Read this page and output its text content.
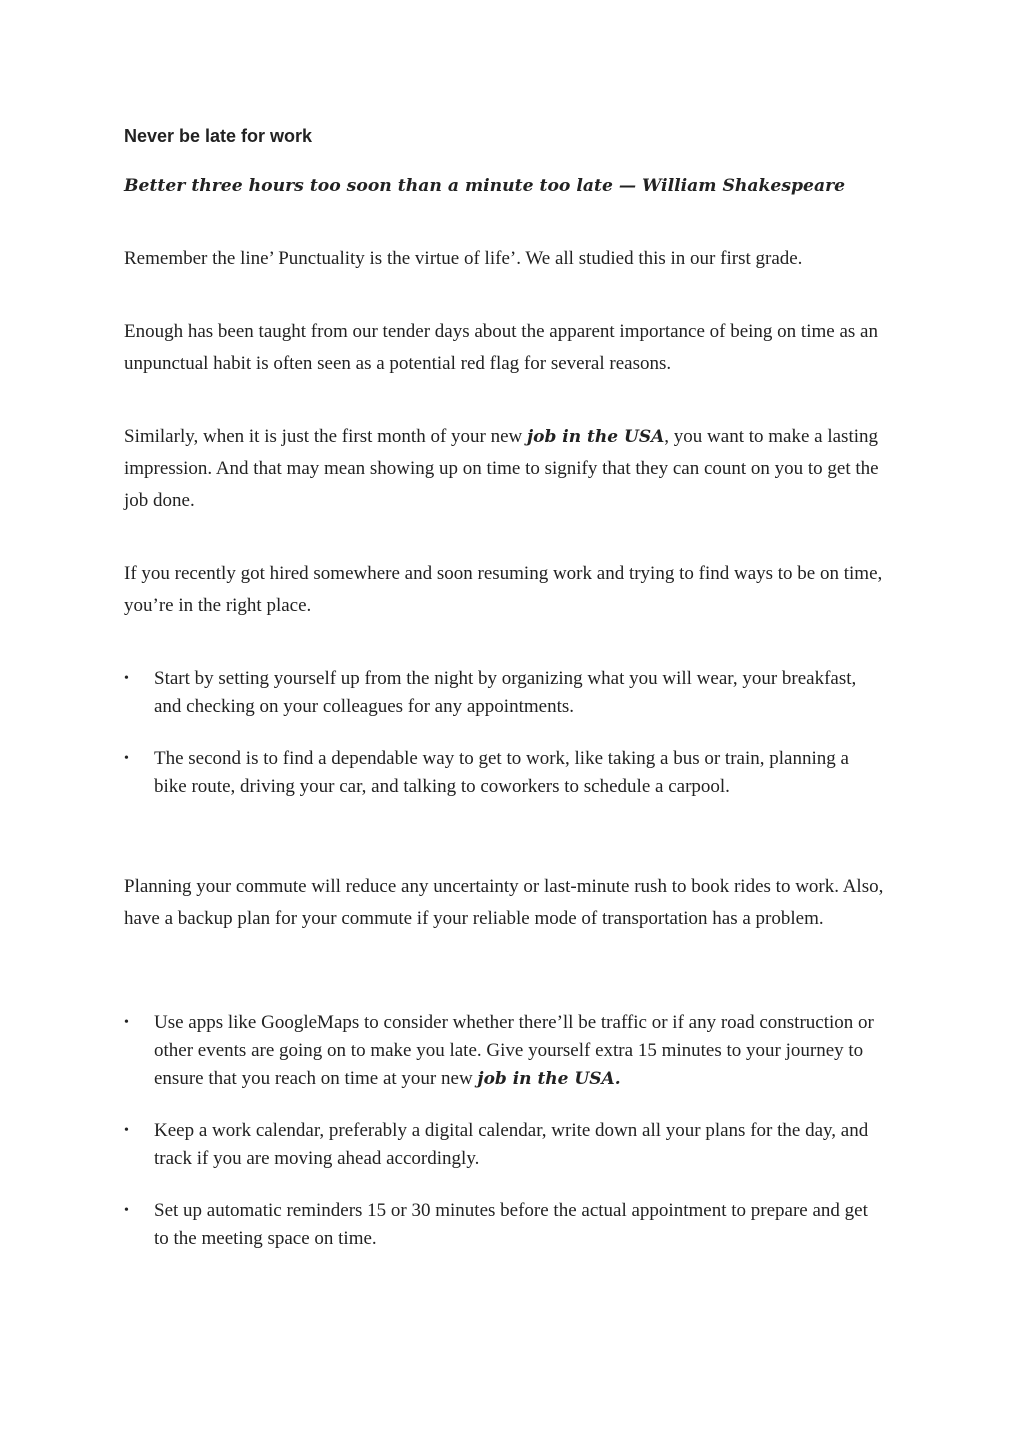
Never be late for work

Better three hours too soon than a minute too late — William Shakespeare

Remember the line’ Punctuality is the virtue of life’. We all studied this in our first grade.

Enough has been taught from our tender days about the apparent importance of being on time as an unpunctual habit is often seen as a potential red flag for several reasons.

Similarly, when it is just the first month of your new job in the USA, you want to make a lasting impression. And that may mean showing up on time to signify that they can count on you to get the job done.

If you recently got hired somewhere and soon resuming work and trying to find ways to be on time, you’re in the right place.

• Start by setting yourself up from the night by organizing what you will wear, your breakfast, and checking on your colleagues for any appointments.
• The second is to find a dependable way to get to work, like taking a bus or train, planning a bike route, driving your car, and talking to coworkers to schedule a carpool.

Planning your commute will reduce any uncertainty or last-minute rush to book rides to work. Also, have a backup plan for your commute if your reliable mode of transportation has a problem.

• Use apps like GoogleMaps to consider whether there’ll be traffic or if any road construction or other events are going on to make you late. Give yourself extra 15 minutes to your journey to ensure that you reach on time at your new job in the USA.
• Keep a work calendar, preferably a digital calendar, write down all your plans for the day, and track if you are moving ahead accordingly.
• Set up automatic reminders 15 or 30 minutes before the actual appointment to prepare and get to the meeting space on time.
